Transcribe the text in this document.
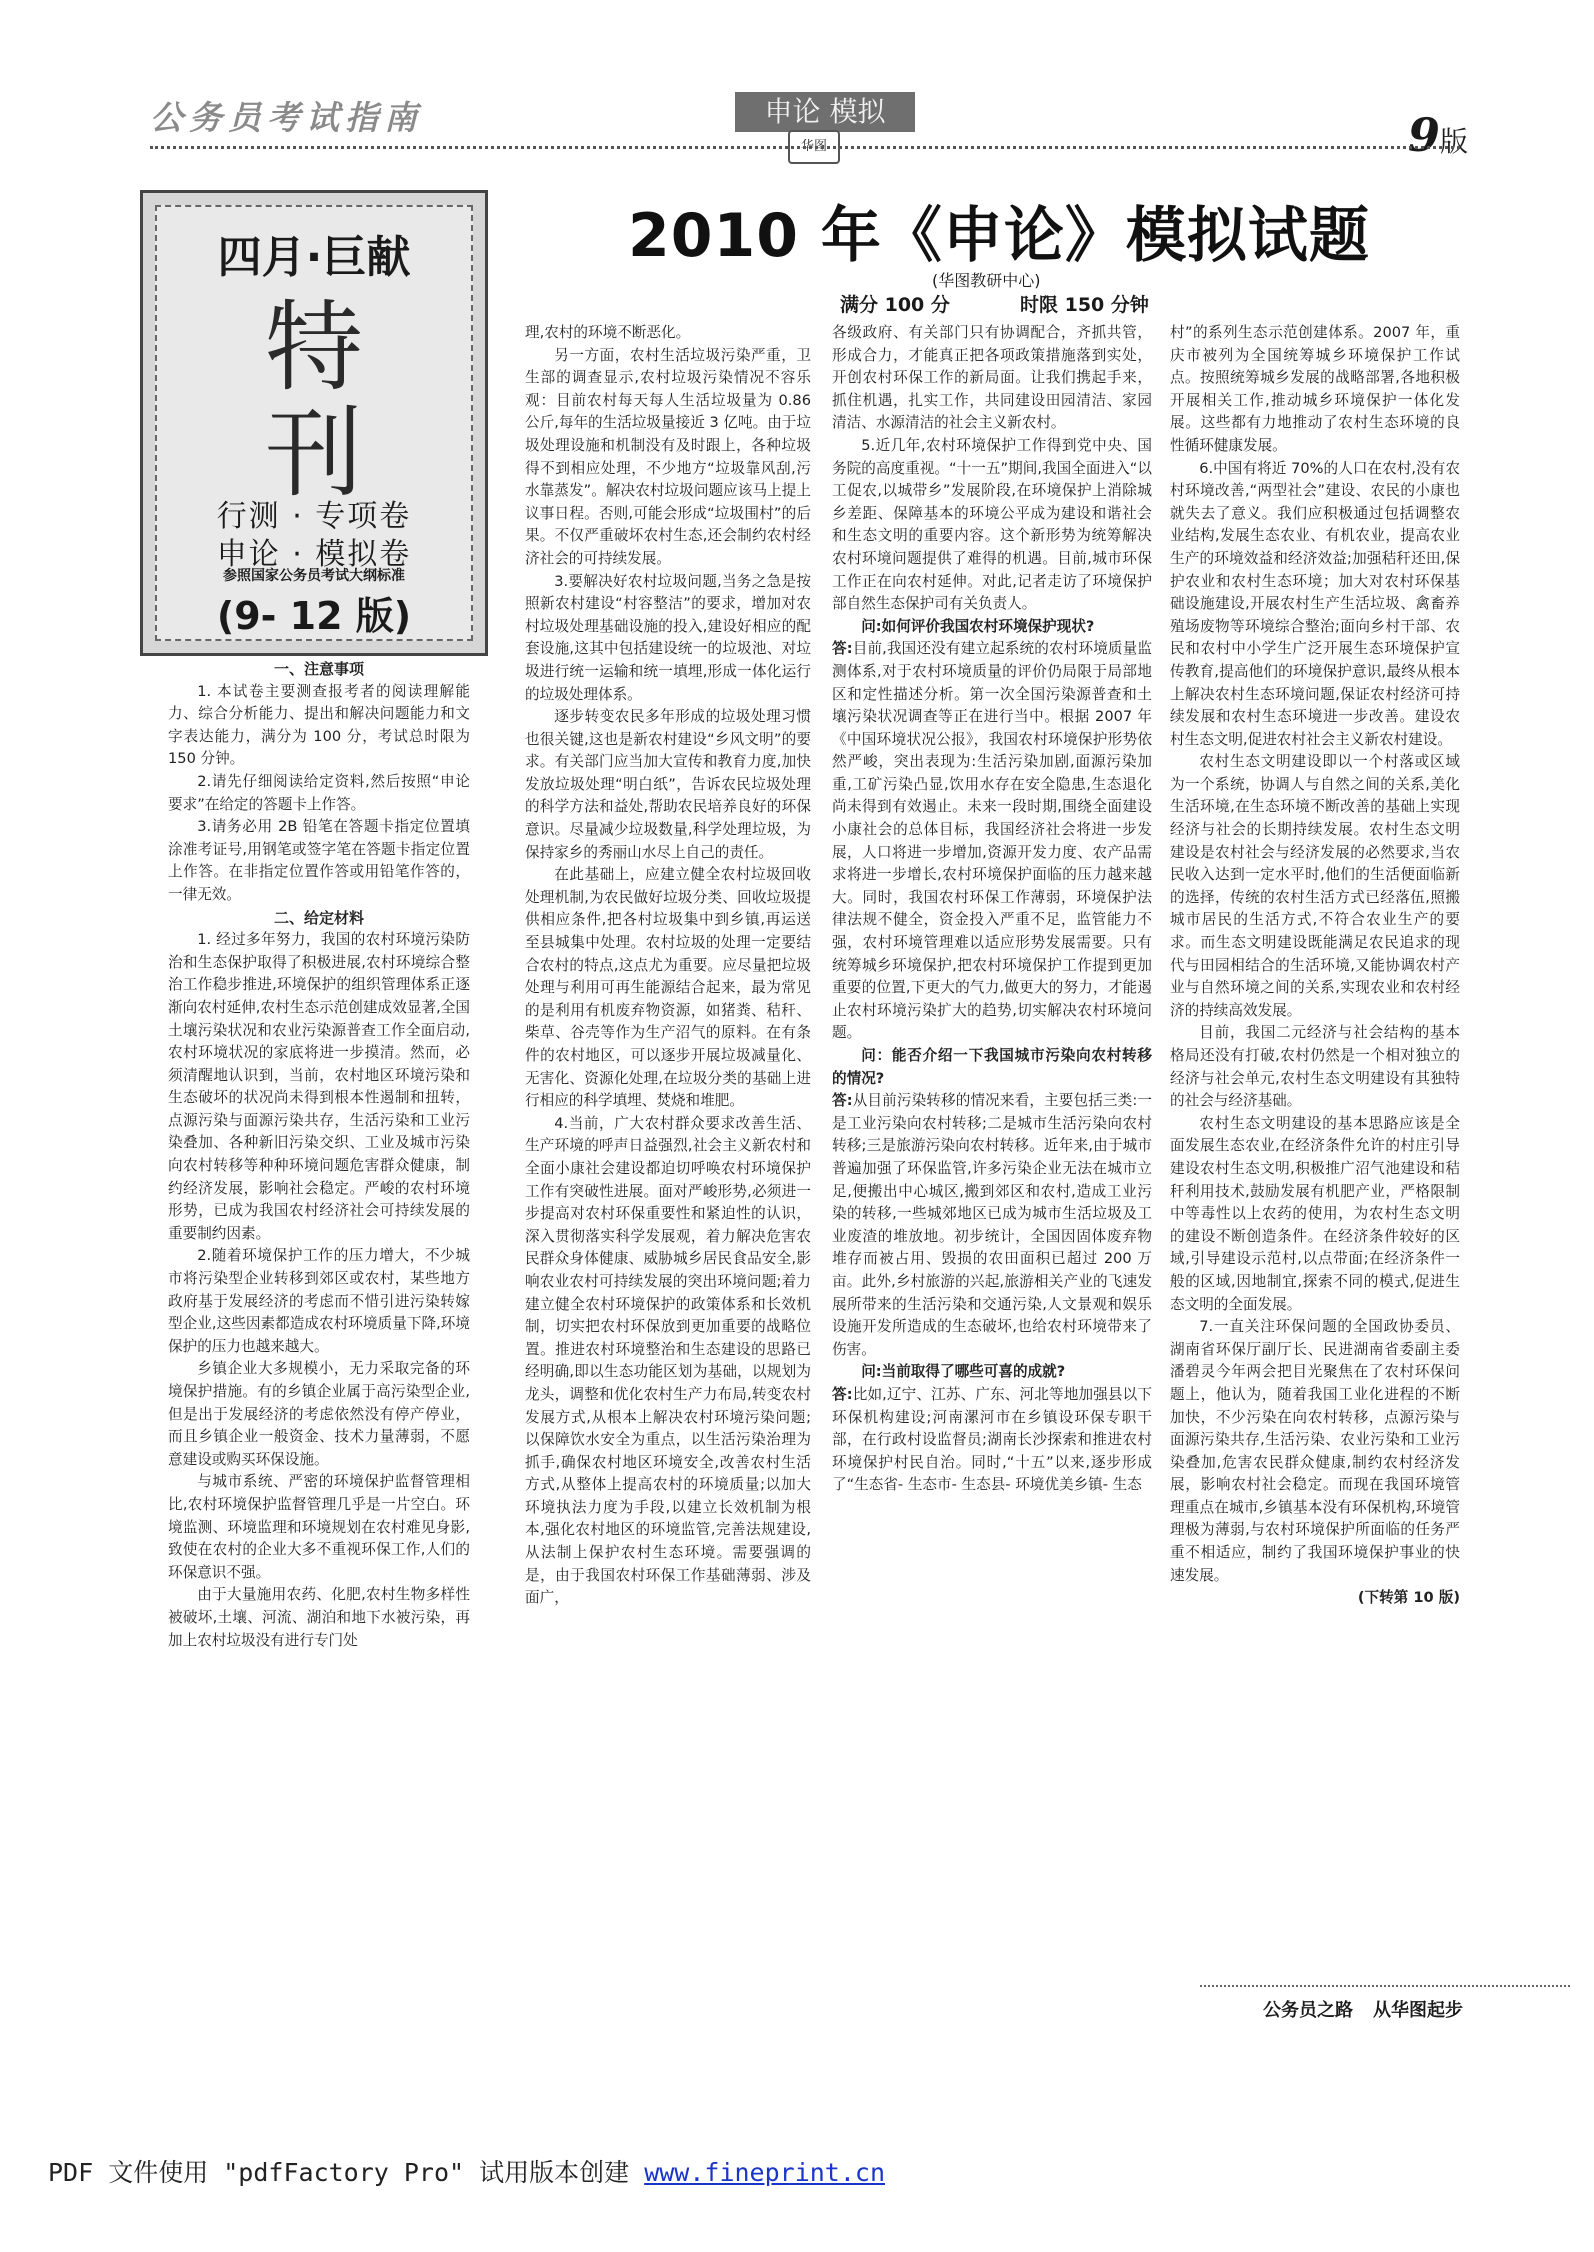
公务员考试指南	申论 模拟
华图	9版
四月·巨献
特
刊
行测 · 专项卷
申论 · 模拟卷
参照国家公务员考试大纲标准
(9- 12 版)
2010 年《申论》模拟试题
(华图教研中心)
满分 100 分	时限 150 分钟
一、注意事项

1. 本试卷主要测查报考者的阅读理解能力、综合分析能力、提出和解决问题能力和文字表达能力，满分为 100 分，考试总时限为 150 分钟。

2.请先仔细阅读给定资料,然后按照“申论要求”在给定的答题卡上作答。

3.请务必用 2B 铅笔在答题卡指定位置填涂准考证号,用钢笔或签字笔在答题卡指定位置上作答。在非指定位置作答或用铅笔作答的，一律无效。

二、给定材料

1. 经过多年努力，我国的农村环境污染防治和生态保护取得了积极进展,农村环境综合整治工作稳步推进,环境保护的组织管理体系正逐渐向农村延伸,农村生态示范创建成效显著,全国土壤污染状况和农业污染源普查工作全面启动,农村环境状况的家底将进一步摸清。然而，必须清醒地认识到，当前，农村地区环境污染和生态破坏的状况尚未得到根本性遏制和扭转，点源污染与面源污染共存，生活污染和工业污染叠加、各种新旧污染交织、工业及城市污染向农村转移等种种环境问题危害群众健康，制约经济发展，影响社会稳定。严峻的农村环境形势，已成为我国农村经济社会可持续发展的重要制约因素。

2.随着环境保护工作的压力增大，不少城市将污染型企业转移到郊区或农村，某些地方政府基于发展经济的考虑而不惜引进污染转嫁型企业,这些因素都造成农村环境质量下降,环境保护的压力也越来越大。

乡镇企业大多规模小，无力采取完备的环境保护措施。有的乡镇企业属于高污染型企业,但是出于发展经济的考虑依然没有停产停业，而且乡镇企业一般资金、技术力量薄弱，不愿意建设或购买环保设施。

与城市系统、严密的环境保护监督管理相比,农村环境保护监督管理几乎是一片空白。环境监测、环境监理和环境规划在农村难见身影,致使在农村的企业大多不重视环保工作,人们的环保意识不强。

由于大量施用农药、化肥,农村生物多样性被破坏,土壤、河流、湖泊和地下水被污染，再加上农村垃圾没有进行专门处

理,农村的环境不断恶化。

另一方面，农村生活垃圾污染严重，卫生部的调查显示,农村垃圾污染情况不容乐观：目前农村每天每人生活垃圾量为 0.86 公斤,每年的生活垃圾量接近 3 亿吨。由于垃圾处理设施和机制没有及时跟上，各种垃圾得不到相应处理，不少地方“垃圾靠风刮,污水靠蒸发”。解决农村垃圾问题应该马上提上议事日程。否则,可能会形成“垃圾围村”的后果。不仅严重破坏农村生态,还会制约农村经济社会的可持续发展。

3.要解决好农村垃圾问题,当务之急是按照新农村建设“村容整洁”的要求，增加对农村垃圾处理基础设施的投入,建设好相应的配套设施,这其中包括建设统一的垃圾池、对垃圾进行统一运输和统一填埋,形成一体化运行的垃圾处理体系。

逐步转变农民多年形成的垃圾处理习惯也很关键,这也是新农村建设“乡风文明”的要求。有关部门应当加大宣传和教育力度,加快发放垃圾处理“明白纸”，告诉农民垃圾处理的科学方法和益处,帮助农民培养良好的环保意识。尽量减少垃圾数量,科学处理垃圾，为保持家乡的秀丽山水尽上自己的责任。

在此基础上，应建立健全农村垃圾回收处理机制,为农民做好垃圾分类、回收垃圾提供相应条件,把各村垃圾集中到乡镇,再运送至县城集中处理。农村垃圾的处理一定要结合农村的特点,这点尤为重要。应尽量把垃圾处理与利用可再生能源结合起来，最为常见的是利用有机废弃物资源，如猪粪、秸秆、柴草、谷壳等作为生产沼气的原料。在有条件的农村地区，可以逐步开展垃圾减量化、无害化、资源化处理,在垃圾分类的基础上进行相应的科学填埋、焚烧和堆肥。

4.当前，广大农村群众要求改善生活、生产环境的呼声日益强烈,社会主义新农村和全面小康社会建设都迫切呼唤农村环境保护工作有突破性进展。面对严峻形势,必须进一步提高对农村环保重要性和紧迫性的认识，深入贯彻落实科学发展观，着力解决危害农民群众身体健康、威胁城乡居民食品安全,影响农业农村可持续发展的突出环境问题;着力建立健全农村环境保护的政策体系和长效机制，切实把农村环保放到更加重要的战略位置。推进农村环境整治和生态建设的思路已经明确,即以生态功能区划为基础，以规划为龙头，调整和优化农村生产力布局,转变农村发展方式,从根本上解决农村环境污染问题;以保障饮水安全为重点，以生活污染治理为抓手,确保农村地区环境安全,改善农村生活方式,从整体上提高农村的环境质量;以加大环境执法力度为手段,以建立长效机制为根本,强化农村地区的环境监管,完善法规建设,从法制上保护农村生态环境。需要强调的是，由于我国农村环保工作基础薄弱、涉及面广，

各级政府、有关部门只有协调配合，齐抓共管，形成合力，才能真正把各项政策措施落到实处，开创农村环保工作的新局面。让我们携起手来，抓住机遇，扎实工作，共同建设田园清洁、家园清洁、水源清洁的社会主义新农村。

5.近几年,农村环境保护工作得到党中央、国务院的高度重视。“十一五”期间,我国全面进入“以工促农,以城带乡”发展阶段,在环境保护上消除城乡差距、保障基本的环境公平成为建设和谐社会和生态文明的重要内容。这个新形势为统筹解决农村环境问题提供了难得的机遇。目前,城市环保工作正在向农村延伸。对此,记者走访了环境保护部自然生态保护司有关负责人。

问:如何评价我国农村环境保护现状?

答:目前,我国还没有建立起系统的农村环境质量监测体系,对于农村环境质量的评价仍局限于局部地区和定性描述分析。第一次全国污染源普查和土壤污染状况调查等正在进行当中。根据 2007 年《中国环境状况公报》，我国农村环境保护形势依然严峻，突出表现为:生活污染加剧,面源污染加重,工矿污染凸显,饮用水存在安全隐患,生态退化尚未得到有效遏止。未来一段时期,围绕全面建设小康社会的总体目标，我国经济社会将进一步发展，人口将进一步增加,资源开发力度、农产品需求将进一步增长,农村环境保护面临的压力越来越大。同时，我国农村环保工作薄弱，环境保护法律法规不健全，资金投入严重不足，监管能力不强，农村环境管理难以适应形势发展需要。只有统筹城乡环境保护,把农村环境保护工作提到更加重要的位置,下更大的气力,做更大的努力，才能遏止农村环境污染扩大的趋势,切实解决农村环境问题。

问：能否介绍一下我国城市污染向农村转移的情况?

答:从目前污染转移的情况来看，主要包括三类:一是工业污染向农村转移;二是城市生活污染向农村转移;三是旅游污染向农村转移。近年来,由于城市普遍加强了环保监管,许多污染企业无法在城市立足,便搬出中心城区,搬到郊区和农村,造成工业污染的转移,一些城郊地区已成为城市生活垃圾及工业废渣的堆放地。初步统计，全国因固体废弃物堆存而被占用、毁损的农田面积已超过 200 万亩。此外,乡村旅游的兴起,旅游相关产业的飞速发展所带来的生活污染和交通污染,人文景观和娱乐设施开发所造成的生态破坏,也给农村环境带来了伤害。

问:当前取得了哪些可喜的成就?

答:比如,辽宁、江苏、广东、河北等地加强县以下环保机构建设;河南漯河市在乡镇设环保专职干部，在行政村设监督员;湖南长沙探索和推进农村环境保护村民自治。同时,“十五”以来,逐步形成了“生态省- 生态市- 生态县- 环境优美乡镇- 生态

村”的系列生态示范创建体系。2007 年，重庆市被列为全国统筹城乡环境保护工作试点。按照统筹城乡发展的战略部署,各地积极开展相关工作,推动城乡环境保护一体化发展。这些都有力地推动了农村生态环境的良性循环健康发展。

6.中国有将近 70%的人口在农村,没有农村环境改善,“两型社会”建设、农民的小康也就失去了意义。我们应积极通过包括调整农业结构,发展生态农业、有机农业，提高农业生产的环境效益和经济效益;加强秸秆还田,保护农业和农村生态环境；加大对农村环保基础设施建设,开展农村生产生活垃圾、禽畜养殖场废物等环境综合整治;面向乡村干部、农民和农村中小学生广泛开展生态环境保护宣传教育,提高他们的环境保护意识,最终从根本上解决农村生态环境问题,保证农村经济可持续发展和农村生态环境进一步改善。建设农村生态文明,促进农村社会主义新农村建设。

农村生态文明建设即以一个村落或区域为一个系统，协调人与自然之间的关系,美化生活环境,在生态环境不断改善的基础上实现经济与社会的长期持续发展。农村生态文明建设是农村社会与经济发展的必然要求,当农民收入达到一定水平时,他们的生活便面临新的选择，传统的农村生活方式已经落伍,照搬城市居民的生活方式,不符合农业生产的要求。而生态文明建设既能满足农民追求的现代与田园相结合的生活环境,又能协调农村产业与自然环境之间的关系,实现农业和农村经济的持续高效发展。

目前，我国二元经济与社会结构的基本格局还没有打破,农村仍然是一个相对独立的经济与社会单元,农村生态文明建设有其独特的社会与经济基础。

农村生态文明建设的基本思路应该是全面发展生态农业,在经济条件允许的村庄引导建设农村生态文明,积极推广沼气池建设和秸秆利用技术,鼓励发展有机肥产业，严格限制中等毒性以上农药的使用，为农村生态文明的建设不断创造条件。在经济条件较好的区域,引导建设示范村,以点带面;在经济条件一般的区域,因地制宜,探索不同的模式,促进生态文明的全面发展。

7.一直关注环保问题的全国政协委员、湖南省环保厅副厅长、民进湖南省委副主委潘碧灵今年两会把目光聚焦在了农村环保问题上，他认为，随着我国工业化进程的不断加快，不少污染在向农村转移，点源污染与面源污染共存,生活污染、农业污染和工业污染叠加,危害农民群众健康,制约农村经济发展，影响农村社会稳定。而现在我国环境管理重点在城市,乡镇基本没有环保机构,环境管理极为薄弱,与农村环境保护所面临的任务严重不相适应，制约了我国环境保护事业的快速发展。

(下转第 10 版)

公务员之路 从华图起步
PDF 文件使用 "pdfFactory Pro" 试用版本创建 www.fineprint.cn
